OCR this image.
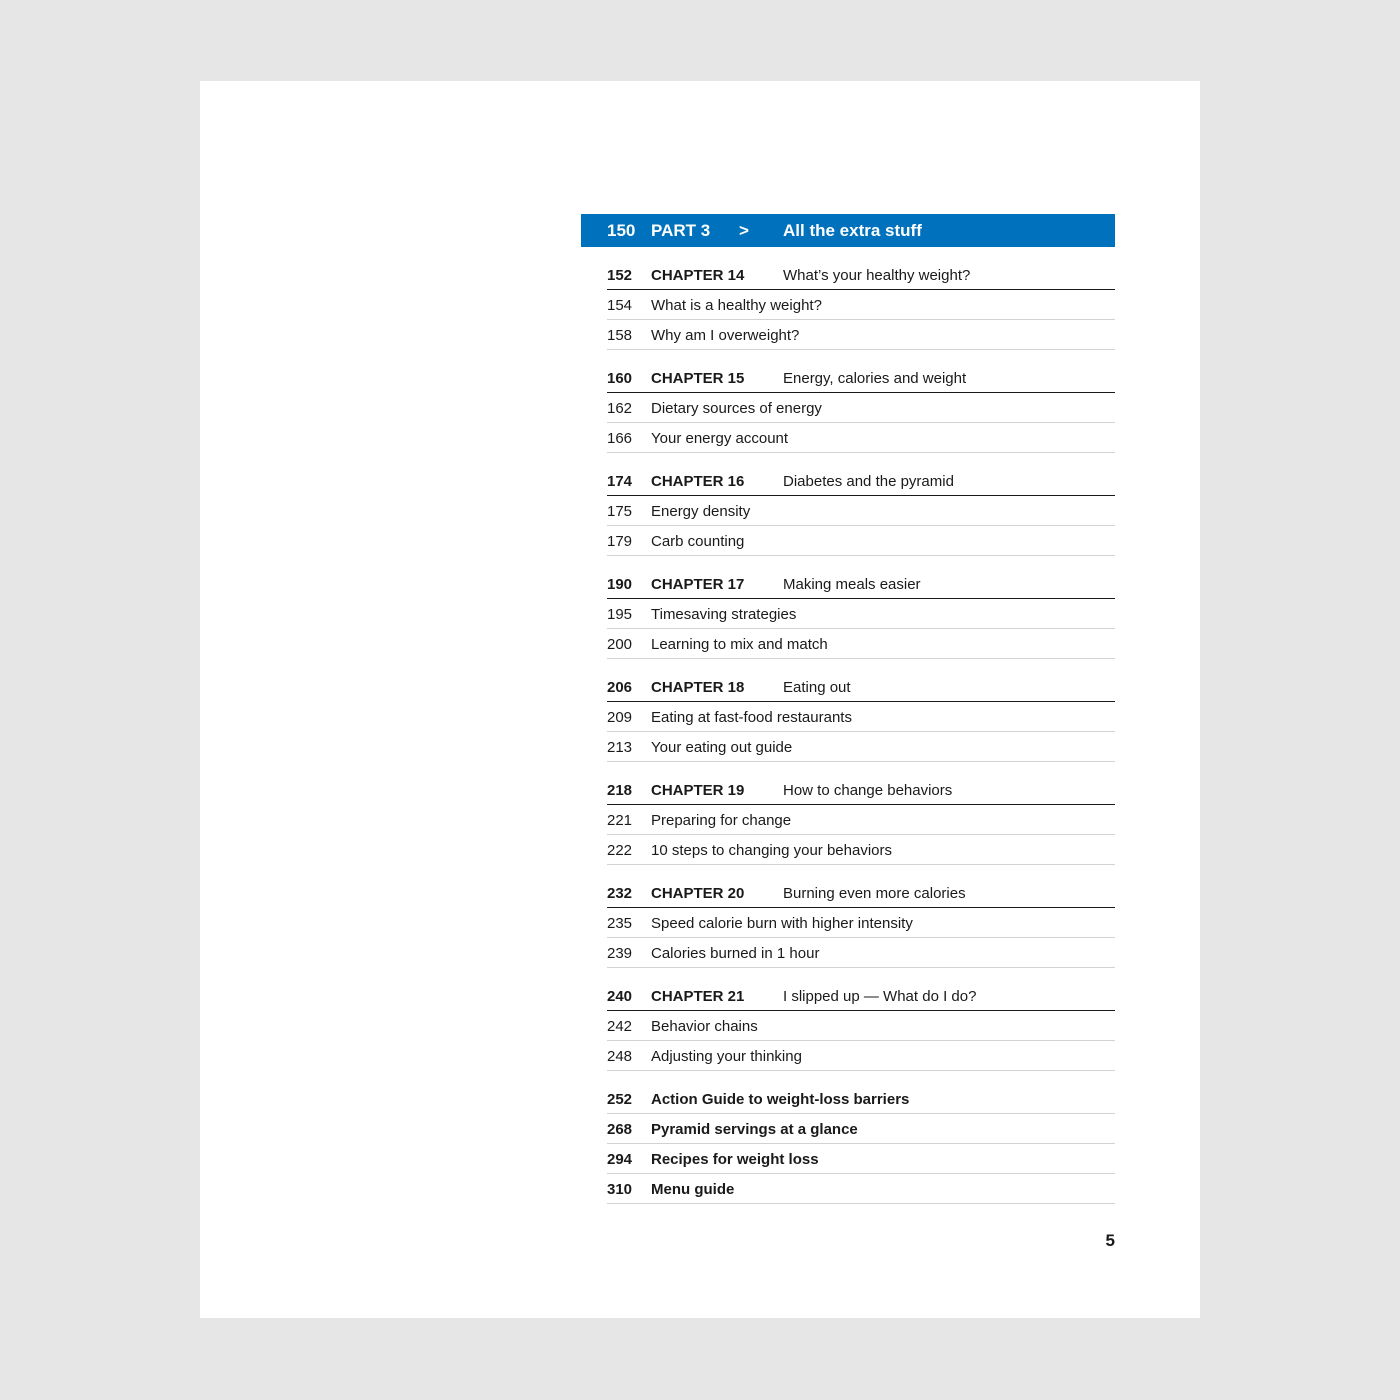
150 PART 3 > All the extra stuff
152 CHAPTER 14	What’s your healthy weight?
154 What is a healthy weight?
158 Why am I overweight?
160 CHAPTER 15	Energy, calories and weight
162 Dietary sources of energy
166 Your energy account
174 CHAPTER 16	Diabetes and the pyramid
175 Energy density
179 Carb counting
190 CHAPTER 17	Making meals easier
195 Timesaving strategies
200 Learning to mix and match
206 CHAPTER 18	Eating out
209 Eating at fast-food restaurants
213 Your eating out guide
218 CHAPTER 19	How to change behaviors
221 Preparing for change
222 10 steps to changing your behaviors
232 CHAPTER 20	Burning even more calories
235 Speed calorie burn with higher intensity
239 Calories burned in 1 hour
240 CHAPTER 21	I slipped up — What do I do?
242 Behavior chains
248 Adjusting your thinking
252 Action Guide to weight-loss barriers
268 Pyramid servings at a glance
294 Recipes for weight loss
310 Menu guide
5
